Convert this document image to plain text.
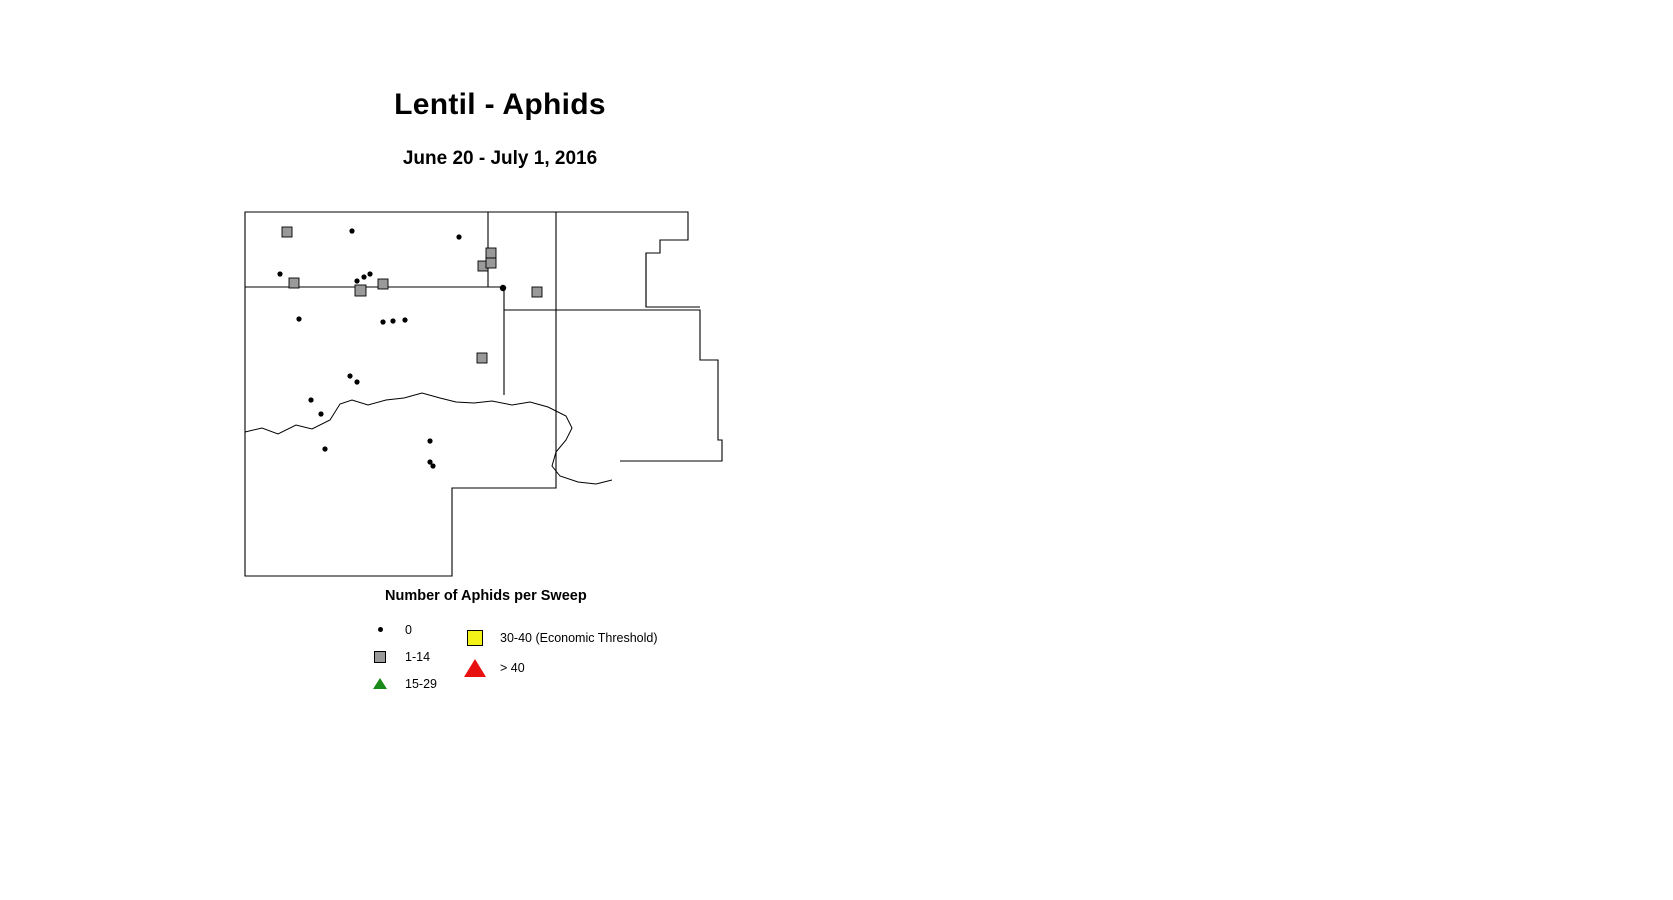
Lentil - Aphids
June 20 - July 1, 2016
Number of Aphids per Sweep
0
1-14
15-29
30-40 (Economic Threshold)
> 40
